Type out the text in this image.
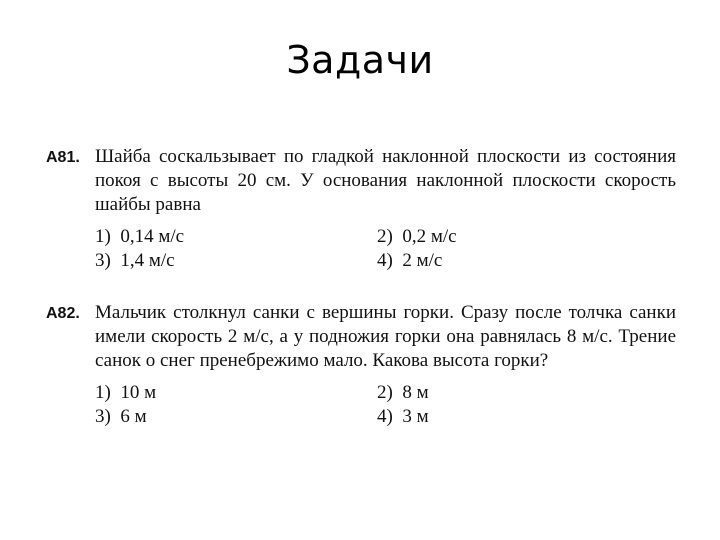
Задачи
А81. Шайба соскальзывает по гладкой наклонной плоскости из состояния покоя с высоты 20 см. У основания наклонной плоскости скорость шайбы равна
1)  0,14 м/с	2)  0,2 м/с
3)  1,4 м/с	4)  2 м/с
А82. Мальчик столкнул санки с вершины горки. Сразу после толчка санки имели скорость 2 м/с, а у подножия горки она равнялась 8 м/с. Трение санок о снег пренебрежимо мало. Какова высота горки?
1)  10 м	2)  8 м
3)  6 м	4)  3 м
